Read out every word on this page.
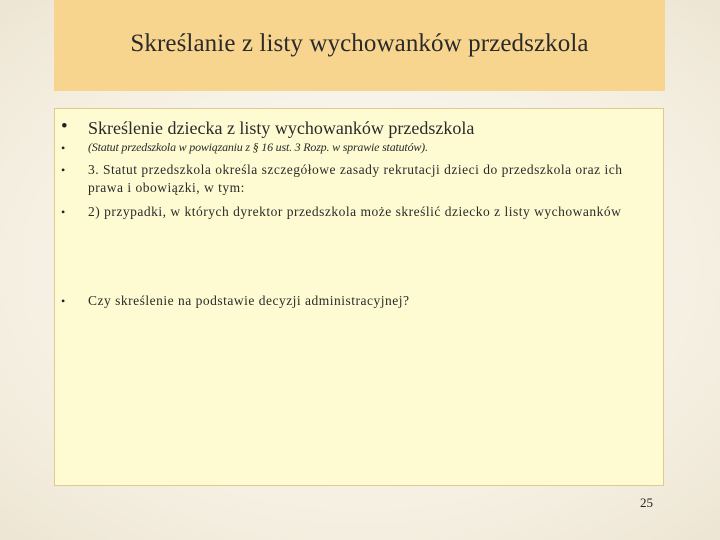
Skreślanie z listy wychowanków przedszkola
• Skreślenie dziecka z listy wychowanków przedszkola
• (Statut przedszkola w powiązaniu z § 16 ust. 3 Rozp. w sprawie statutów).
• 3. Statut przedszkola określa szczegółowe zasady rekrutacji dzieci do przedszkola oraz ich prawa i obowiązki, w tym:
• 2) przypadki, w których dyrektor przedszkola może skreślić dziecko z listy wychowanków
• Czy skreślenie na podstawie decyzji administracyjnej?
25
